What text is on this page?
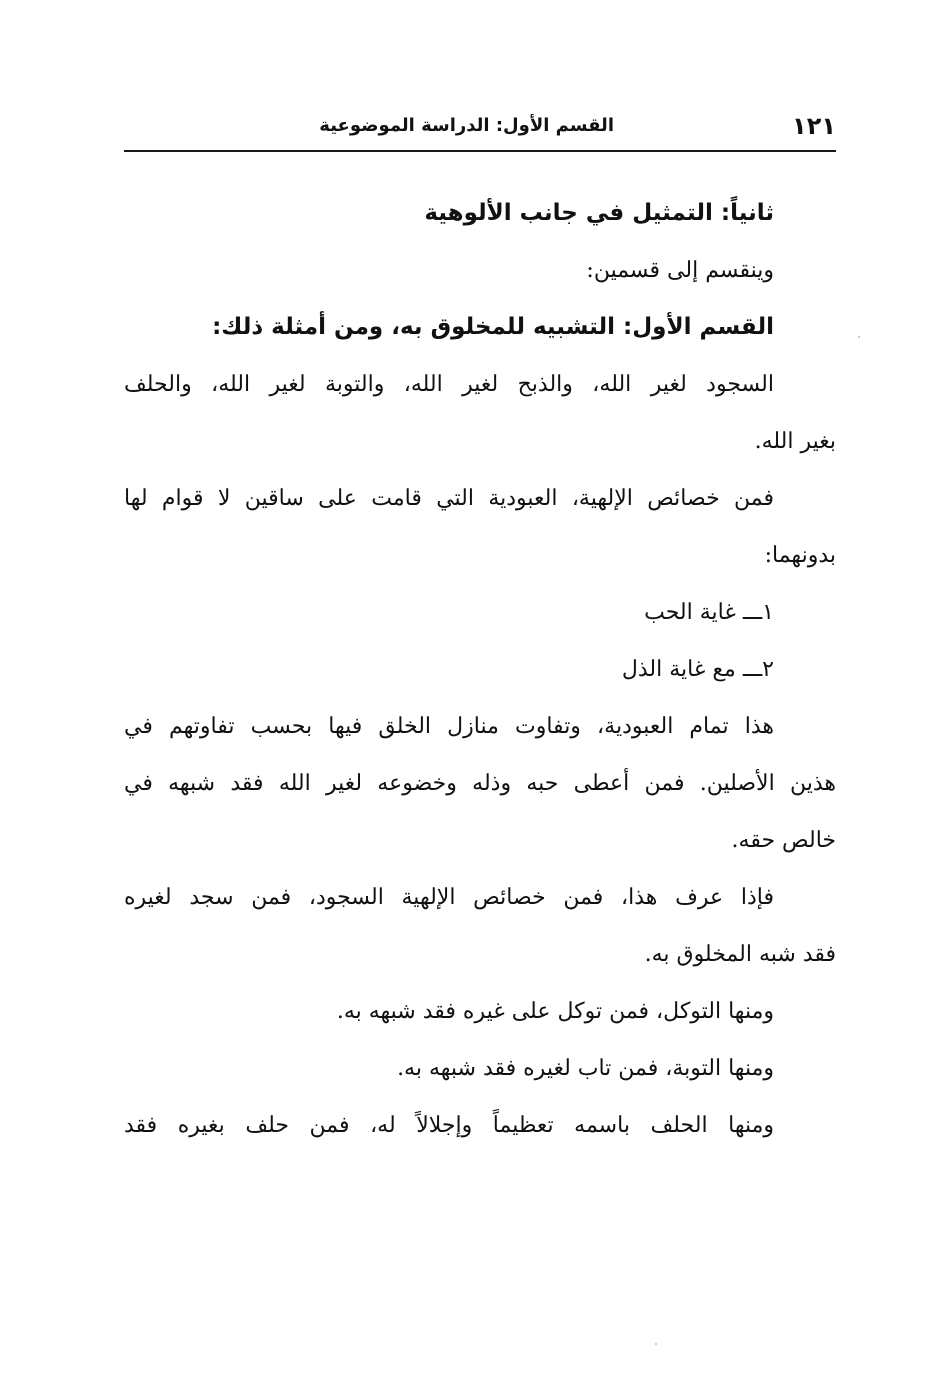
١٢١
القسم الأول: الدراسة الموضوعية
ثانياً: التمثيل في جانب الألوهية
وينقسم إلى قسمين:
القسم الأول: التشبيه للمخلوق به، ومن أمثلة ذلك:
السجود لغير الله، والذبح لغير الله، والتوبة لغير الله، والحلف
بغير الله.
فمن خصائص الإلهية، العبودية التي قامت على ساقين لا قوام لها
بدونهما:
١ـــ غاية الحب
٢ـــ مع غاية الذل
هذا تمام العبودية، وتفاوت منازل الخلق فيها بحسب تفاوتهم في
هذين الأصلين. فمن أعطى حبه وذله وخضوعه لغير الله فقد شبهه في
خالص حقه.
فإذا عرف هذا، فمن خصائص الإلهية السجود، فمن سجد لغيره
فقد شبه المخلوق به.
ومنها التوكل، فمن توكل على غيره فقد شبهه به.
ومنها التوبة، فمن تاب لغيره فقد شبهه به.
ومنها الحلف باسمه تعظيماً وإجلالاً له، فمن حلف بغيره فقد
